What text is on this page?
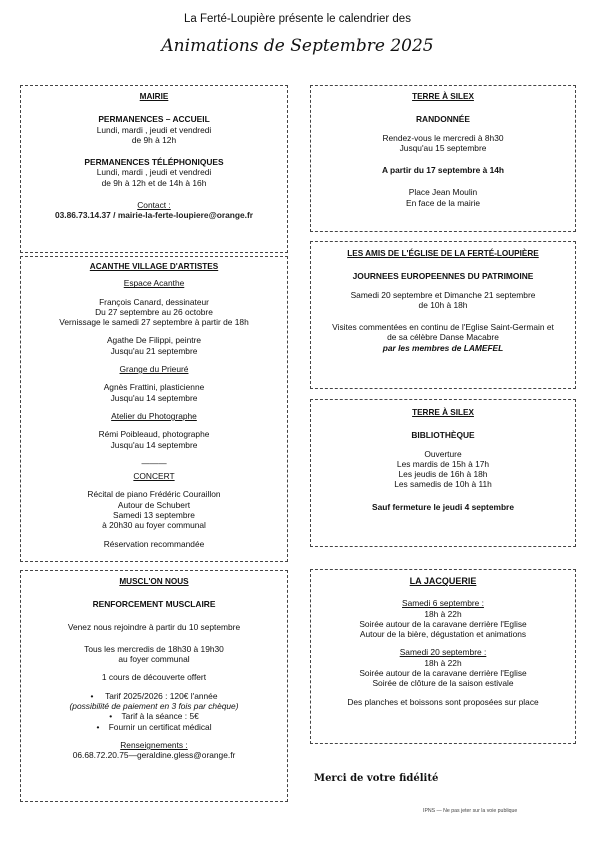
La Ferté-Loupière présente le calendrier des
Animations de Septembre 2025

MAIRIE

PERMANENCES – ACCUEIL

Lundi, mardi , jeudi et vendredi

de 9h à 12h

PERMANENCES TÉLÉPHONIQUES

Lundi, mardi , jeudi et vendredi

de 9h à 12h et de 14h à 16h

Contact :

03.86.73.14.37 / mairie-la-ferte-loupiere@orange.fr

ACANTHE VILLAGE D'ARTISTES

Espace Acanthe

François Canard, dessinateur

Du 27 septembre au 26 octobre

Vernissage le samedi 27 septembre à partir de 18h

Agathe De Filippi, peintre

Jusqu'au 21 septembre

Grange du Prieuré

Agnès Frattini, plasticienne

Jusqu'au 14 septembre

Atelier du Photographe

Rémi Poibleaud, photographe

Jusqu'au 14 septembre

———

CONCERT

Récital de piano Frédéric Couraillon

Autour de Schubert

Samedi 13 septembre

à 20h30 au foyer communal

Réservation recommandée

MUSCL'ON NOUS

RENFORCEMENT MUSCLAIRE

Venez nous rejoindre à partir du 10 septembre

Tous les mercredis de 18h30 à 19h30

au foyer communal

1 cours de découverte offert

• Tarif 2025/2026 : 120€ l'année

(possibilité de paiement en 3 fois par chèque)

• Tarif à la séance : 5€

• Fournir un certificat médical

Renseignements :

06.68.72.20.75—geraldine.gless@orange.fr

TERRE À SILEX

RANDONNÉE

Rendez-vous le mercredi à 8h30

Jusqu'au 15 septembre

A partir du 17 septembre à 14h

Place Jean Moulin

En face de la mairie

LES AMIS DE L'ÉGLISE DE LA FERTÉ-LOUPIÈRE

JOURNEES EUROPEENNES DU PATRIMOINE

Samedi 20 septembre et Dimanche 21 septembre

de 10h à 18h

Visites commentées en continu de l'Eglise Saint-Germain et

de sa célèbre Danse Macabre

par les membres de LAMEFEL

TERRE À SILEX

BIBLIOTHÈQUE

Ouverture

Les mardis de 15h à 17h

Les jeudis de 16h à 18h

Les samedis de 10h à 11h

Sauf fermeture le jeudi 4 septembre

LA JACQUERIE

Samedi 6 septembre :

18h à 22h

Soirée autour de la caravane derrière l'Eglise

Autour de la bière, dégustation et animations

Samedi 20 septembre :

18h à 22h

Soirée autour de la caravane derrière l'Eglise

Soirée de clôture de la saison estivale

Des planches et boissons sont proposées sur place

Merci de votre fidélité
IPNS — Ne pas jeter sur la voie publique
